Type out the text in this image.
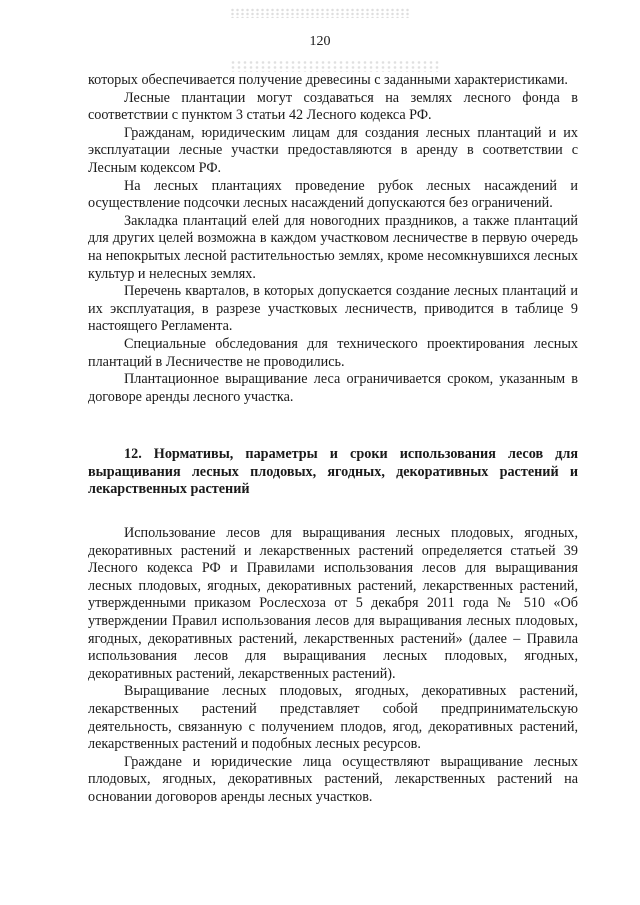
120

которых обеспечивается получение древесины с заданными характеристиками.

Лесные плантации могут создаваться на землях лесного фонда в соответствии с пунктом 3 статьи 42 Лесного кодекса РФ.

Гражданам, юридическим лицам для создания лесных плантаций и их эксплуатации лесные участки предоставляются в аренду в соответствии с Лесным кодексом РФ.

На лесных плантациях проведение рубок лесных насаждений и осуществление подсочки лесных насаждений допускаются без ограничений.

Закладка плантаций елей для новогодних праздников, а также плантаций для других целей возможна в каждом участковом лесничестве в первую очередь на непокрытых лесной растительностью землях, кроме несомкнувшихся лесных культур и нелесных землях.

Перечень кварталов, в которых допускается создание лесных плантаций и их эксплуатация, в разрезе участковых лесничеств, приводится в таблице 9 настоящего Регламента.

Специальные обследования для технического проектирования лесных плантаций в Лесничестве не проводились.

Плантационное выращивание леса ограничивается сроком, указанным в договоре аренды лесного участка.

12. Нормативы, параметры и сроки использования лесов для выращивания лесных плодовых, ягодных, декоративных растений и лекарственных растений

Использование лесов для выращивания лесных плодовых, ягодных, декоративных растений и лекарственных растений определяется статьей 39 Лесного кодекса РФ и Правилами использования лесов для выращивания лесных плодовых, ягодных, декоративных растений, лекарственных растений, утвержденными приказом Рослесхоза от 5 декабря 2011 года № 510 «Об утверждении Правил использования лесов для выращивания лесных плодовых, ягодных, декоративных растений, лекарственных растений» (далее – Правила использования лесов для выращивания лесных плодовых, ягодных, декоративных растений, лекарственных растений).

Выращивание лесных плодовых, ягодных, декоративных растений, лекарственных растений представляет собой предпринимательскую деятельность, связанную с получением плодов, ягод, декоративных растений, лекарственных растений и подобных лесных ресурсов.

Граждане и юридические лица осуществляют выращивание лесных плодовых, ягодных, декоративных растений, лекарственных растений на основании договоров аренды лесных участков.
